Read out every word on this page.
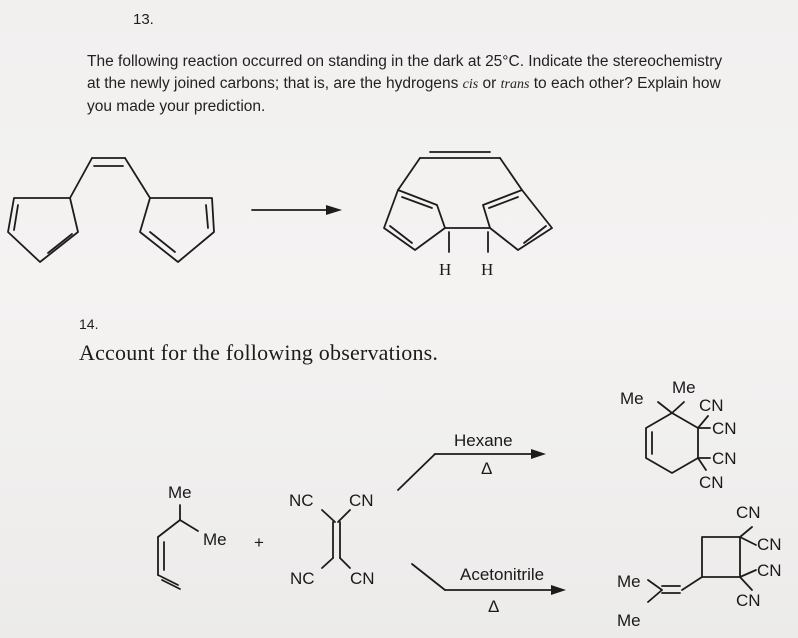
13.
The following reaction occurred on standing in the dark at 25°C. Indicate the stereochemistry at the newly joined carbons; that is, are the hydrogens cis or trans to each other? Explain how you made your prediction.
14.
Account for the following observations.
H H
Me
Me +
NC CN
NC CN
Hexane
Δ
Acetonitrile
Δ
Me
Me
CN
CN
CN
CN
CN
CN
CN
CN
Me
Me
